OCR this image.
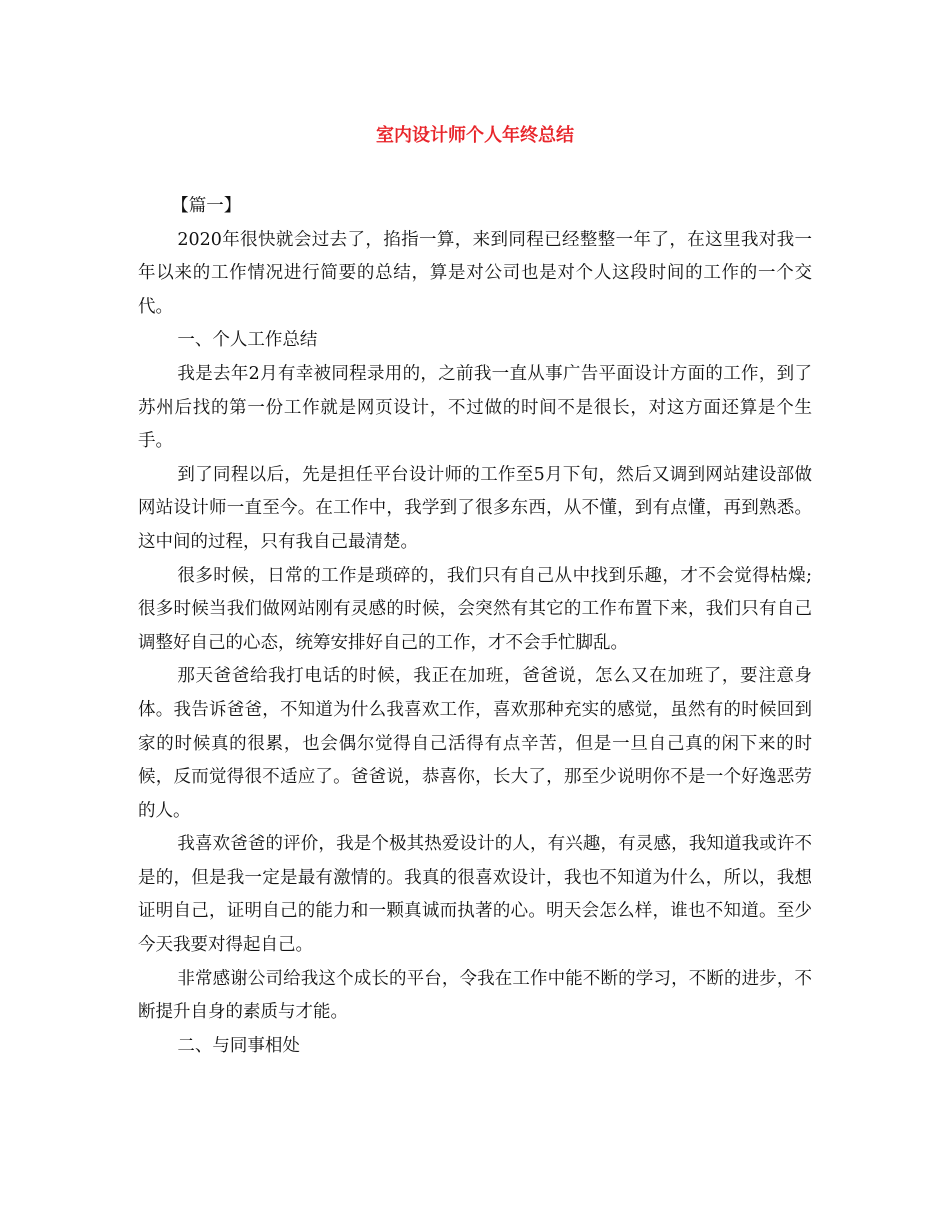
室内设计师个人年终总结

【篇一】

2020年很快就会过去了，掐指一算，来到同程已经整整一年了，在这里我对我一年以来的工作情况进行简要的总结，算是对公司也是对个人这段时间的工作的一个交代。

一、个人工作总结

我是去年2月有幸被同程录用的，之前我一直从事广告平面设计方面的工作，到了苏州后找的第一份工作就是网页设计，不过做的时间不是很长，对这方面还算是个生手。

到了同程以后，先是担任平台设计师的工作至5月下旬，然后又调到网站建设部做网站设计师一直至今。在工作中，我学到了很多东西，从不懂，到有点懂，再到熟悉。这中间的过程，只有我自己最清楚。

很多时候，日常的工作是琐碎的，我们只有自己从中找到乐趣，才不会觉得枯燥;很多时候当我们做网站刚有灵感的时候，会突然有其它的工作布置下来，我们只有自己调整好自己的心态，统筹安排好自己的工作，才不会手忙脚乱。

那天爸爸给我打电话的时候，我正在加班，爸爸说，怎么又在加班了，要注意身体。我告诉爸爸，不知道为什么我喜欢工作，喜欢那种充实的感觉，虽然有的时候回到家的时候真的很累，也会偶尔觉得自己活得有点辛苦，但是一旦自己真的闲下来的时候，反而觉得很不适应了。爸爸说，恭喜你，长大了，那至少说明你不是一个好逸恶劳的人。

我喜欢爸爸的评价，我是个极其热爱设计的人，有兴趣，有灵感，我知道我或许不是的，但是我一定是最有激情的。我真的很喜欢设计，我也不知道为什么，所以，我想证明自己，证明自己的能力和一颗真诚而执著的心。明天会怎么样，谁也不知道。至少今天我要对得起自己。

非常感谢公司给我这个成长的平台，令我在工作中能不断的学习，不断的进步，不断提升自身的素质与才能。

二、与同事相处
